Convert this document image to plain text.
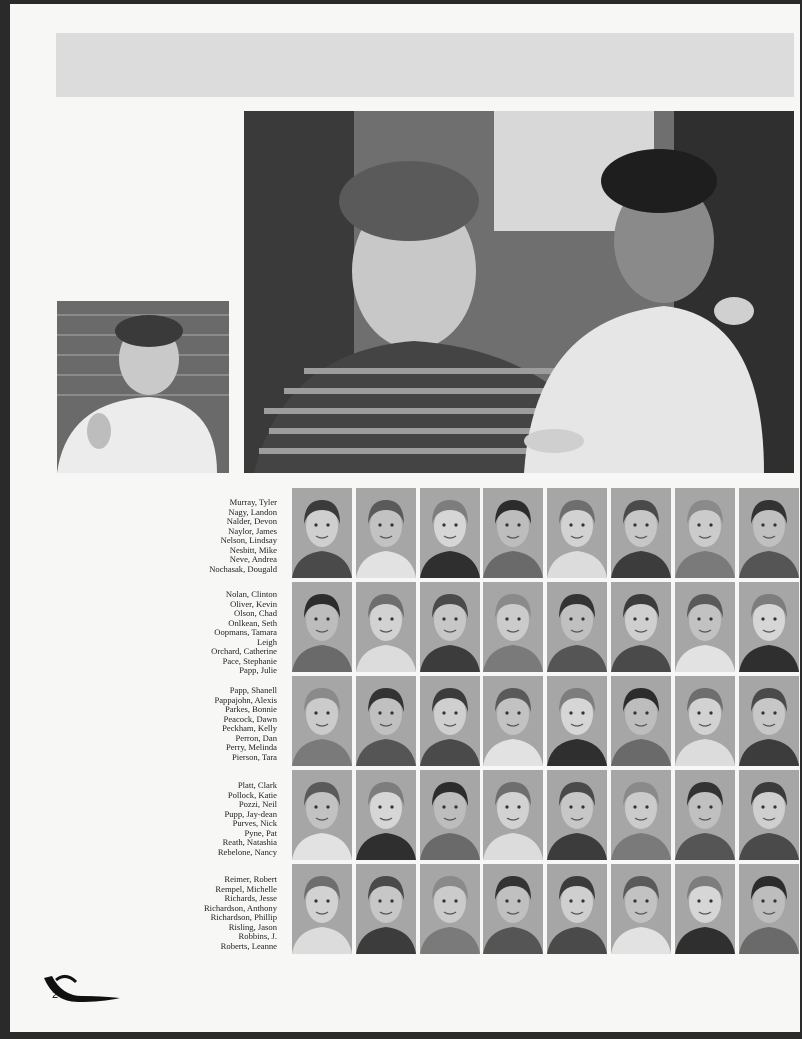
Murray, Tyler
Nagy, Landon
Nalder, Devon
Naylor, James
Nelson, Lindsay
Nesbitt, Mike
Neve, Andrea
Nochasak, Dougald
Nolan, Clinton
Oliver, Kevin
Olson, Chad
Onlkean, Seth
Oopmans, Tamara
Leigh
Orchard, Catherine
Pace, Stephanie
Papp, Julie
Papp, Shanell
Pappajohn, Alexis
Parkes, Bonnie
Peacock, Dawn
Peckham, Kelly
Perron, Dan
Perry, Melinda
Pierson, Tara
Platt, Clark
Pollock, Katie
Pozzi, Neil
Pupp, Jay-dean
Purves, Nick
Pyne, Pat
Reath, Natashia
Rebelone, Nancy
Reimer, Robert
Rempel, Michelle
Richards, Jesse
Richardson, Anthony
Richardson, Phillip
Risling, Jason
Robbins, J.
Roberts, Leanne
24
